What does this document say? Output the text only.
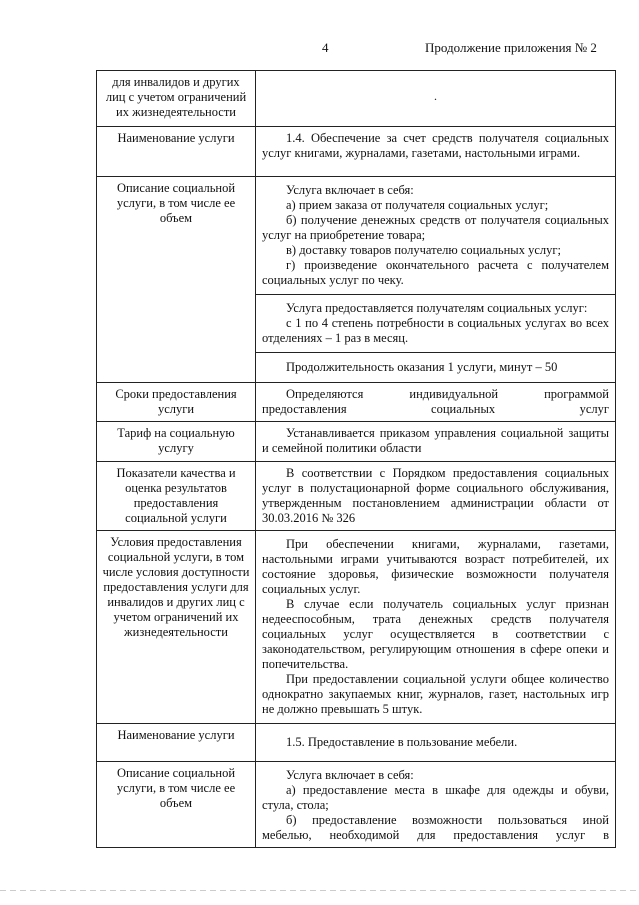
4	Продолжение приложения № 2
для инвалидов и других лиц с учетом ограничений их жизнедеятельности	.

Наименование услуги	1.4. Обеспечение за счет средств получателя социальных услуг книгами, журналами, газетами, настольными играми.

Описание социальной услуги, в том числе ее объем	Услуга включает в себя:

а) прием заказа от получателя социальных услуг;

б) получение денежных средств от получателя социальных услуг на приобретение товара;

в) доставку товаров получателю социальных услуг;

г) произведение окончательного расчета с получателем социальных услуг по чеку.

	Услуга предоставляется получателям социальных услуг:

с 1 по 4 степень потребности в социальных услугах во всех отделениях – 1 раз в месяц.

	Продолжительность оказания 1 услуги, минут – 50

Сроки предоставления услуги	Определяются индивидуальной программой предоставления социальных услуг

Тариф на социальную услугу	Устанавливается приказом управления социальной защиты и семейной политики области

Показатели качества и оценка результатов предоставления социальной услуги	В соответствии с Порядком предоставления социальных услуг в полустационарной форме социального обслуживания, утвержденным постановлением администрации области от 30.03.2016 № 326

Условия предоставления социальной услуги, в том числе условия доступности предоставления услуги для инвалидов и других лиц с учетом ограничений их жизнедеятельности	При обеспечении книгами, журналами, газетами, настольными играми учитываются возраст потребителей, их состояние здоровья, физические возможности получателя социальных услуг.

В случае если получатель социальных услуг признан недееспособным, трата денежных средств получателя социальных услуг осуществляется в соответствии с законодательством, регулирующим отношения в сфере опеки и попечительства.

При предоставлении социальной услуги общее количество однократно закупаемых книг, журналов, газет, настольных игр не должно превышать 5 штук.

Наименование услуги	1.5. Предоставление в пользование мебели.

Описание социальной услуги, в том числе ее объем	Услуга включает в себя:

а) предоставление места в шкафе для одежды и обуви, стула, стола;

б) предоставление возможности пользоваться иной мебелью, необходимой для предоставления услуг в
